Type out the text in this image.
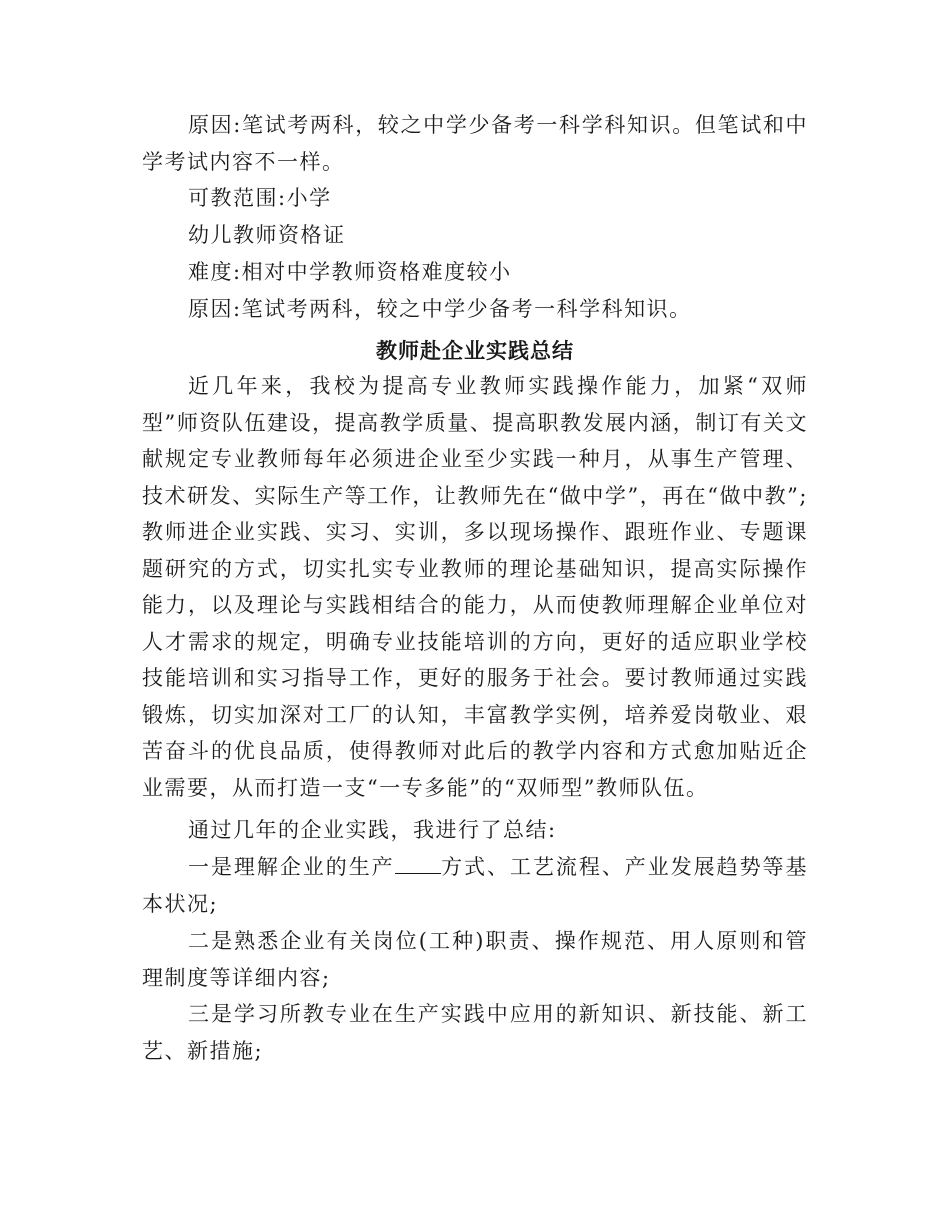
原因:笔试考两科，较之中学少备考一科学科知识。但笔试和中学考试内容不一样。

可教范围:小学

幼儿教师资格证

难度:相对中学教师资格难度较小

原因:笔试考两科，较之中学少备考一科学科知识。

教师赴企业实践总结

近几年来，我校为提高专业教师实践操作能力，加紧“双师型”师资队伍建设，提高教学质量、提高职教发展内涵，制订有关文献规定专业教师每年必须进企业至少实践一种月，从事生产管理、技术研发、实际生产等工作，让教师先在“做中学”，再在“做中教”;教师进企业实践、实习、实训，多以现场操作、跟班作业、专题课题研究的方式，切实扎实专业教师的理论基础知识，提高实际操作能力，以及理论与实践相结合的能力，从而使教师理解企业单位对人才需求的规定，明确专业技能培训的方向，更好的适应职业学校技能培训和实习指导工作，更好的服务于社会。要讨教师通过实践锻炼，切实加深对工厂的认知，丰富教学实例，培养爱岗敬业、艰苦奋斗的优良品质，使得教师对此后的教学内容和方式愈加贴近企业需要，从而打造一支“一专多能”的“双师型”教师队伍。

通过几年的企业实践，我进行了总结:

一是理解企业的生产 方式、工艺流程、产业发展趋势等基本状况;

二是熟悉企业有关岗位(工种)职责、操作规范、用人原则和管理制度等详细内容;

三是学习所教专业在生产实践中应用的新知识、新技能、新工艺、新措施;
